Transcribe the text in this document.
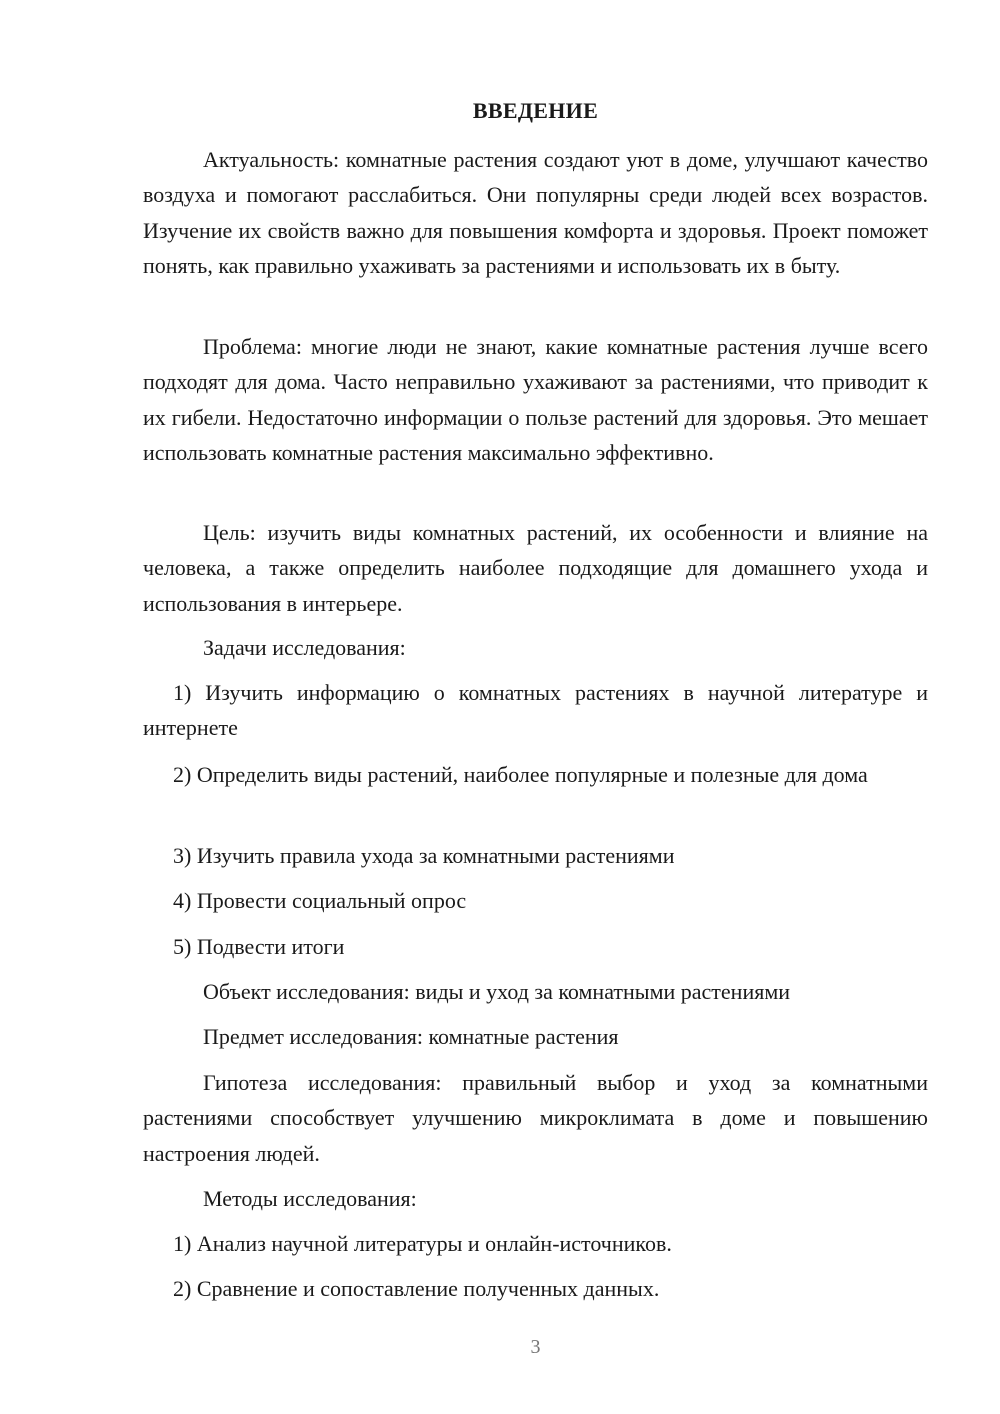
ВВЕДЕНИЕ

Актуальность: комнатные растения создают уют в доме, улучшают качество воздуха и помогают расслабиться. Они популярны среди людей всех возрастов. Изучение их свойств важно для повышения комфорта и здоровья. Проект поможет понять, как правильно ухаживать за растениями и использовать их в быту.

Проблема: многие люди не знают, какие комнатные растения лучше всего подходят для дома. Часто неправильно ухаживают за растениями, что приводит к их гибели. Недостаточно информации о пользе растений для здоровья. Это мешает использовать комнатные растения максимально эффективно.

Цель: изучить виды комнатных растений, их особенности и влияние на человека, а также определить наиболее подходящие для домашнего ухода и использования в интерьере.

Задачи исследования:

1) Изучить информацию о комнатных растениях в научной литературе и интернете

2) Определить виды растений, наиболее популярные и полезные для дома

3) Изучить правила ухода за комнатными растениями

4) Провести социальный опрос

5) Подвести итоги

Объект исследования: виды и уход за комнатными растениями

Предмет исследования: комнатные растения

Гипотеза исследования: правильный выбор и уход за комнатными растениями способствует улучшению микроклимата в доме и повышению настроения людей.

Методы исследования:

1) Анализ научной литературы и онлайн-источников.

2) Сравнение и сопоставление полученных данных.

3
